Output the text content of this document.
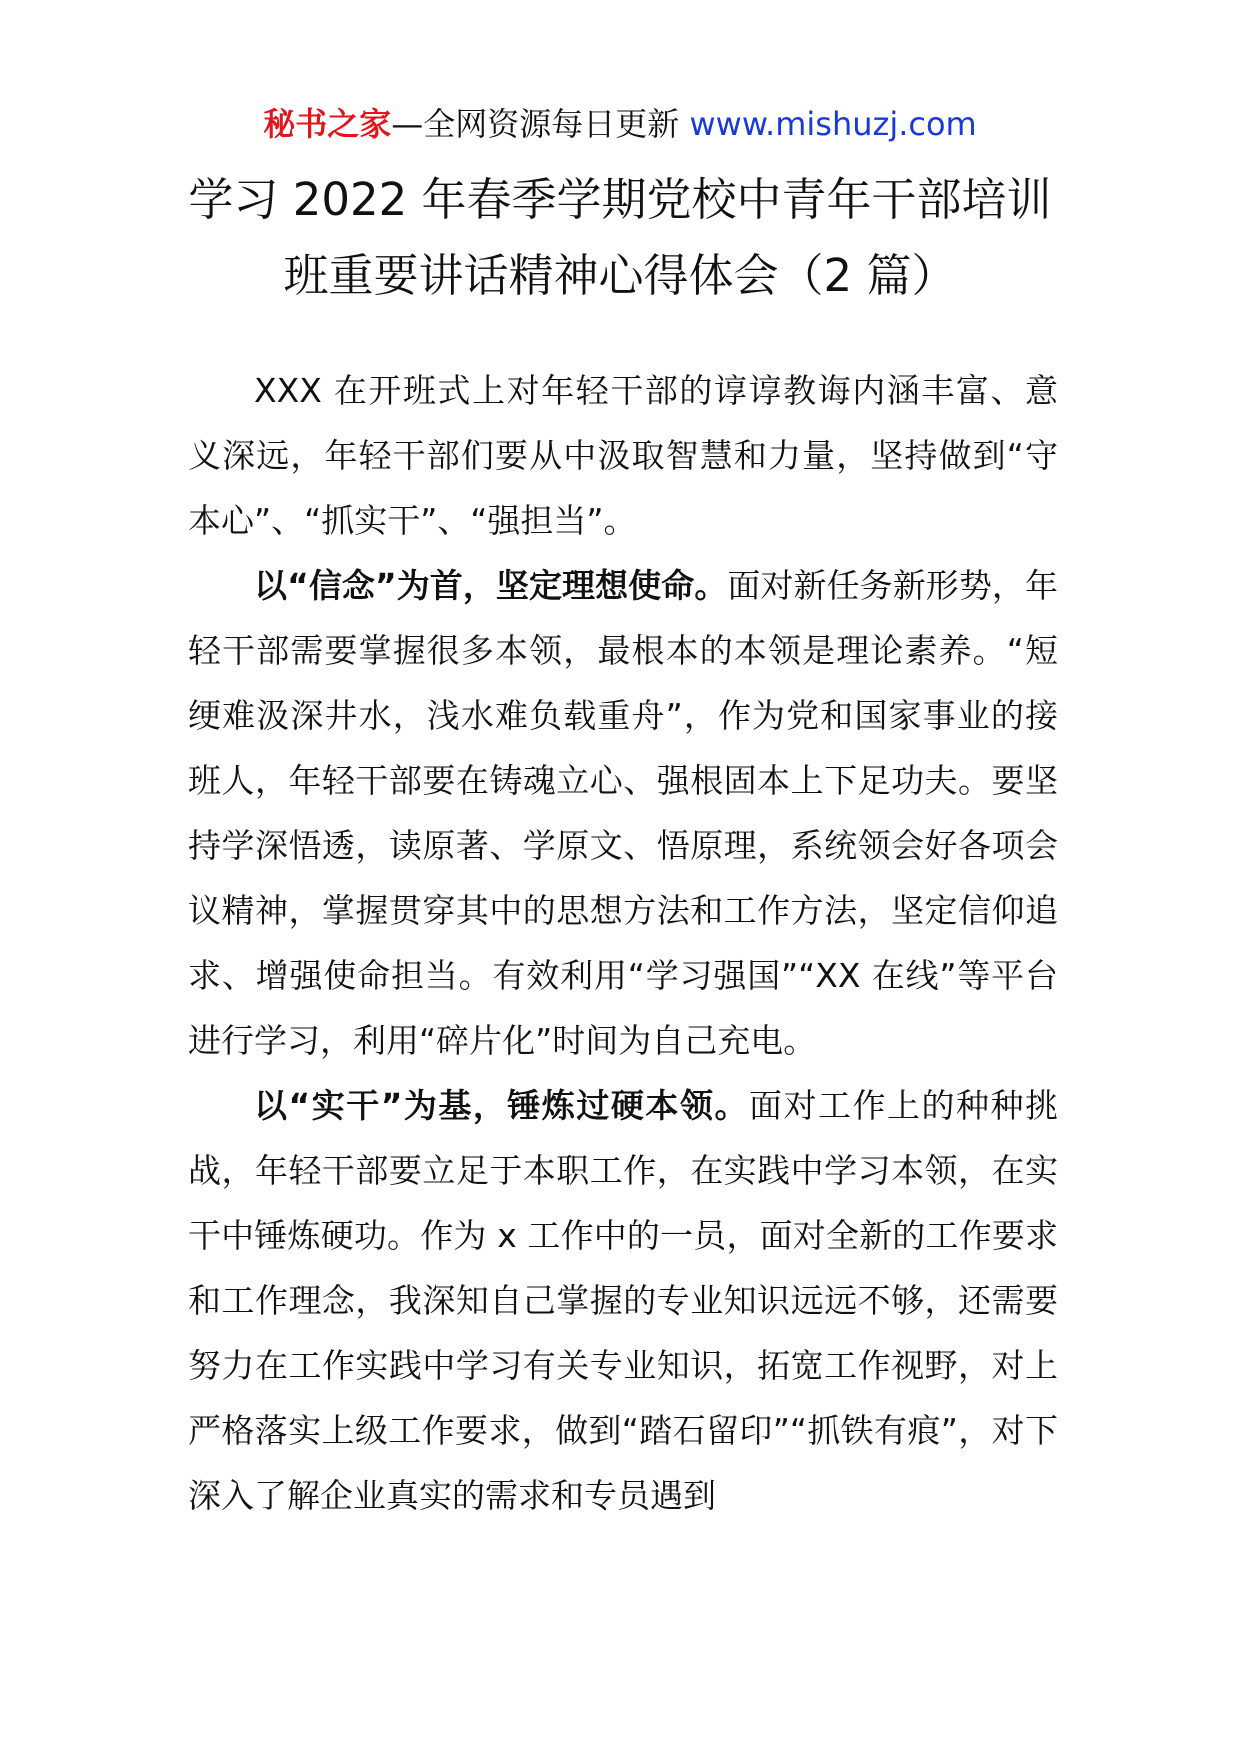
秘书之家—全网资源每日更新 www.mishuzj.com
学习 2022 年春季学期党校中青年干部培训
班重要讲话精神心得体会（2 篇）

XXX 在开班式上对年轻干部的谆谆教诲内涵丰富、意义深远，年轻干部们要从中汲取智慧和力量，坚持做到“守本心”、“抓实干”、“强担当”。

以“信念”为首，坚定理想使命。面对新任务新形势，年轻干部需要掌握很多本领，最根本的本领是理论素养。“短绠难汲深井水，浅水难负载重舟”，作为党和国家事业的接班人，年轻干部要在铸魂立心、强根固本上下足功夫。要坚持学深悟透，读原著、学原文、悟原理，系统领会好各项会议精神，掌握贯穿其中的思想方法和工作方法，坚定信仰追求、增强使命担当。有效利用“学习强国”“XX 在线”等平台进行学习，利用“碎片化”时间为自己充电。

以“实干”为基，锤炼过硬本领。面对工作上的种种挑战，年轻干部要立足于本职工作，在实践中学习本领，在实干中锤炼硬功。作为 x 工作中的一员，面对全新的工作要求和工作理念，我深知自己掌握的专业知识远远不够，还需要努力在工作实践中学习有关专业知识，拓宽工作视野，对上严格落实上级工作要求，做到“踏石留印”“抓铁有痕”，对下深入了解企业真实的需求和专员遇到
